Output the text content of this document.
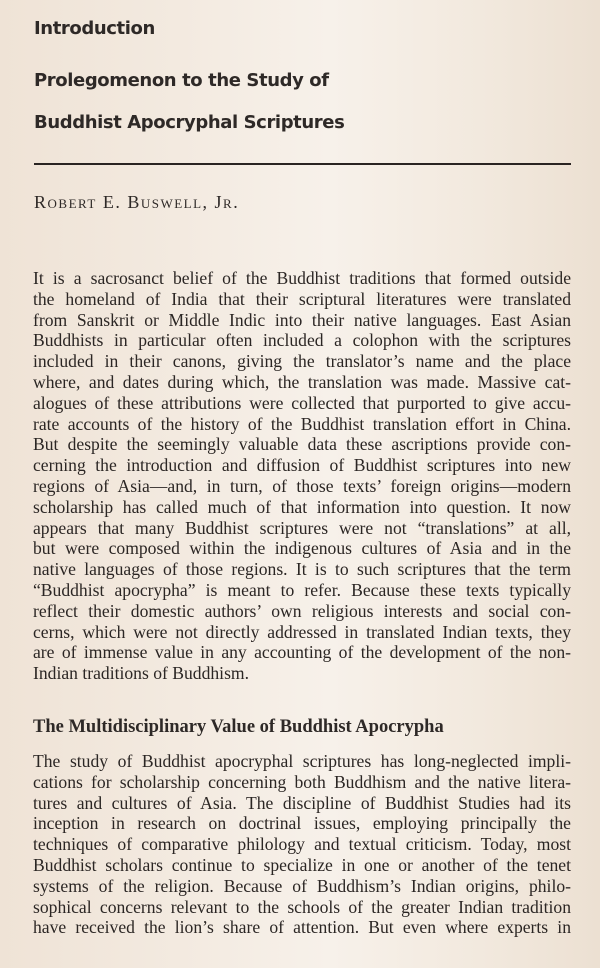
Introduction
Prolegomenon to the Study of
Buddhist Apocryphal Scriptures

Robert E. Buswell, Jr.

It is a sacrosanct belief of the Buddhist traditions that formed outside
the homeland of India that their scriptural literatures were translated
from Sanskrit or Middle Indic into their native languages. East Asian
Buddhists in particular often included a colophon with the scriptures
included in their canons, giving the translator’s name and the place
where, and dates during which, the translation was made. Massive cat-
alogues of these attributions were collected that purported to give accu-
rate accounts of the history of the Buddhist translation effort in China.
But despite the seemingly valuable data these ascriptions provide con-
cerning the introduction and diffusion of Buddhist scriptures into new
regions of Asia—and, in turn, of those texts’ foreign origins—modern
scholarship has called much of that information into question. It now
appears that many Buddhist scriptures were not “translations” at all,
but were composed within the indigenous cultures of Asia and in the
native languages of those regions. It is to such scriptures that the term
“Buddhist apocrypha” is meant to refer. Because these texts typically
reflect their domestic authors’ own religious interests and social con-
cerns, which were not directly addressed in translated Indian texts, they
are of immense value in any accounting of the development of the non-
Indian traditions of Buddhism.
The Multidisciplinary Value of Buddhist Apocrypha
The study of Buddhist apocryphal scriptures has long-neglected impli-
cations for scholarship concerning both Buddhism and the native litera-
tures and cultures of Asia. The discipline of Buddhist Studies had its
inception in research on doctrinal issues, employing principally the
techniques of comparative philology and textual criticism. Today, most
Buddhist scholars continue to specialize in one or another of the tenet
systems of the religion. Because of Buddhism’s Indian origins, philo-
sophical concerns relevant to the schools of the greater Indian tradition
have received the lion’s share of attention. But even where experts in
